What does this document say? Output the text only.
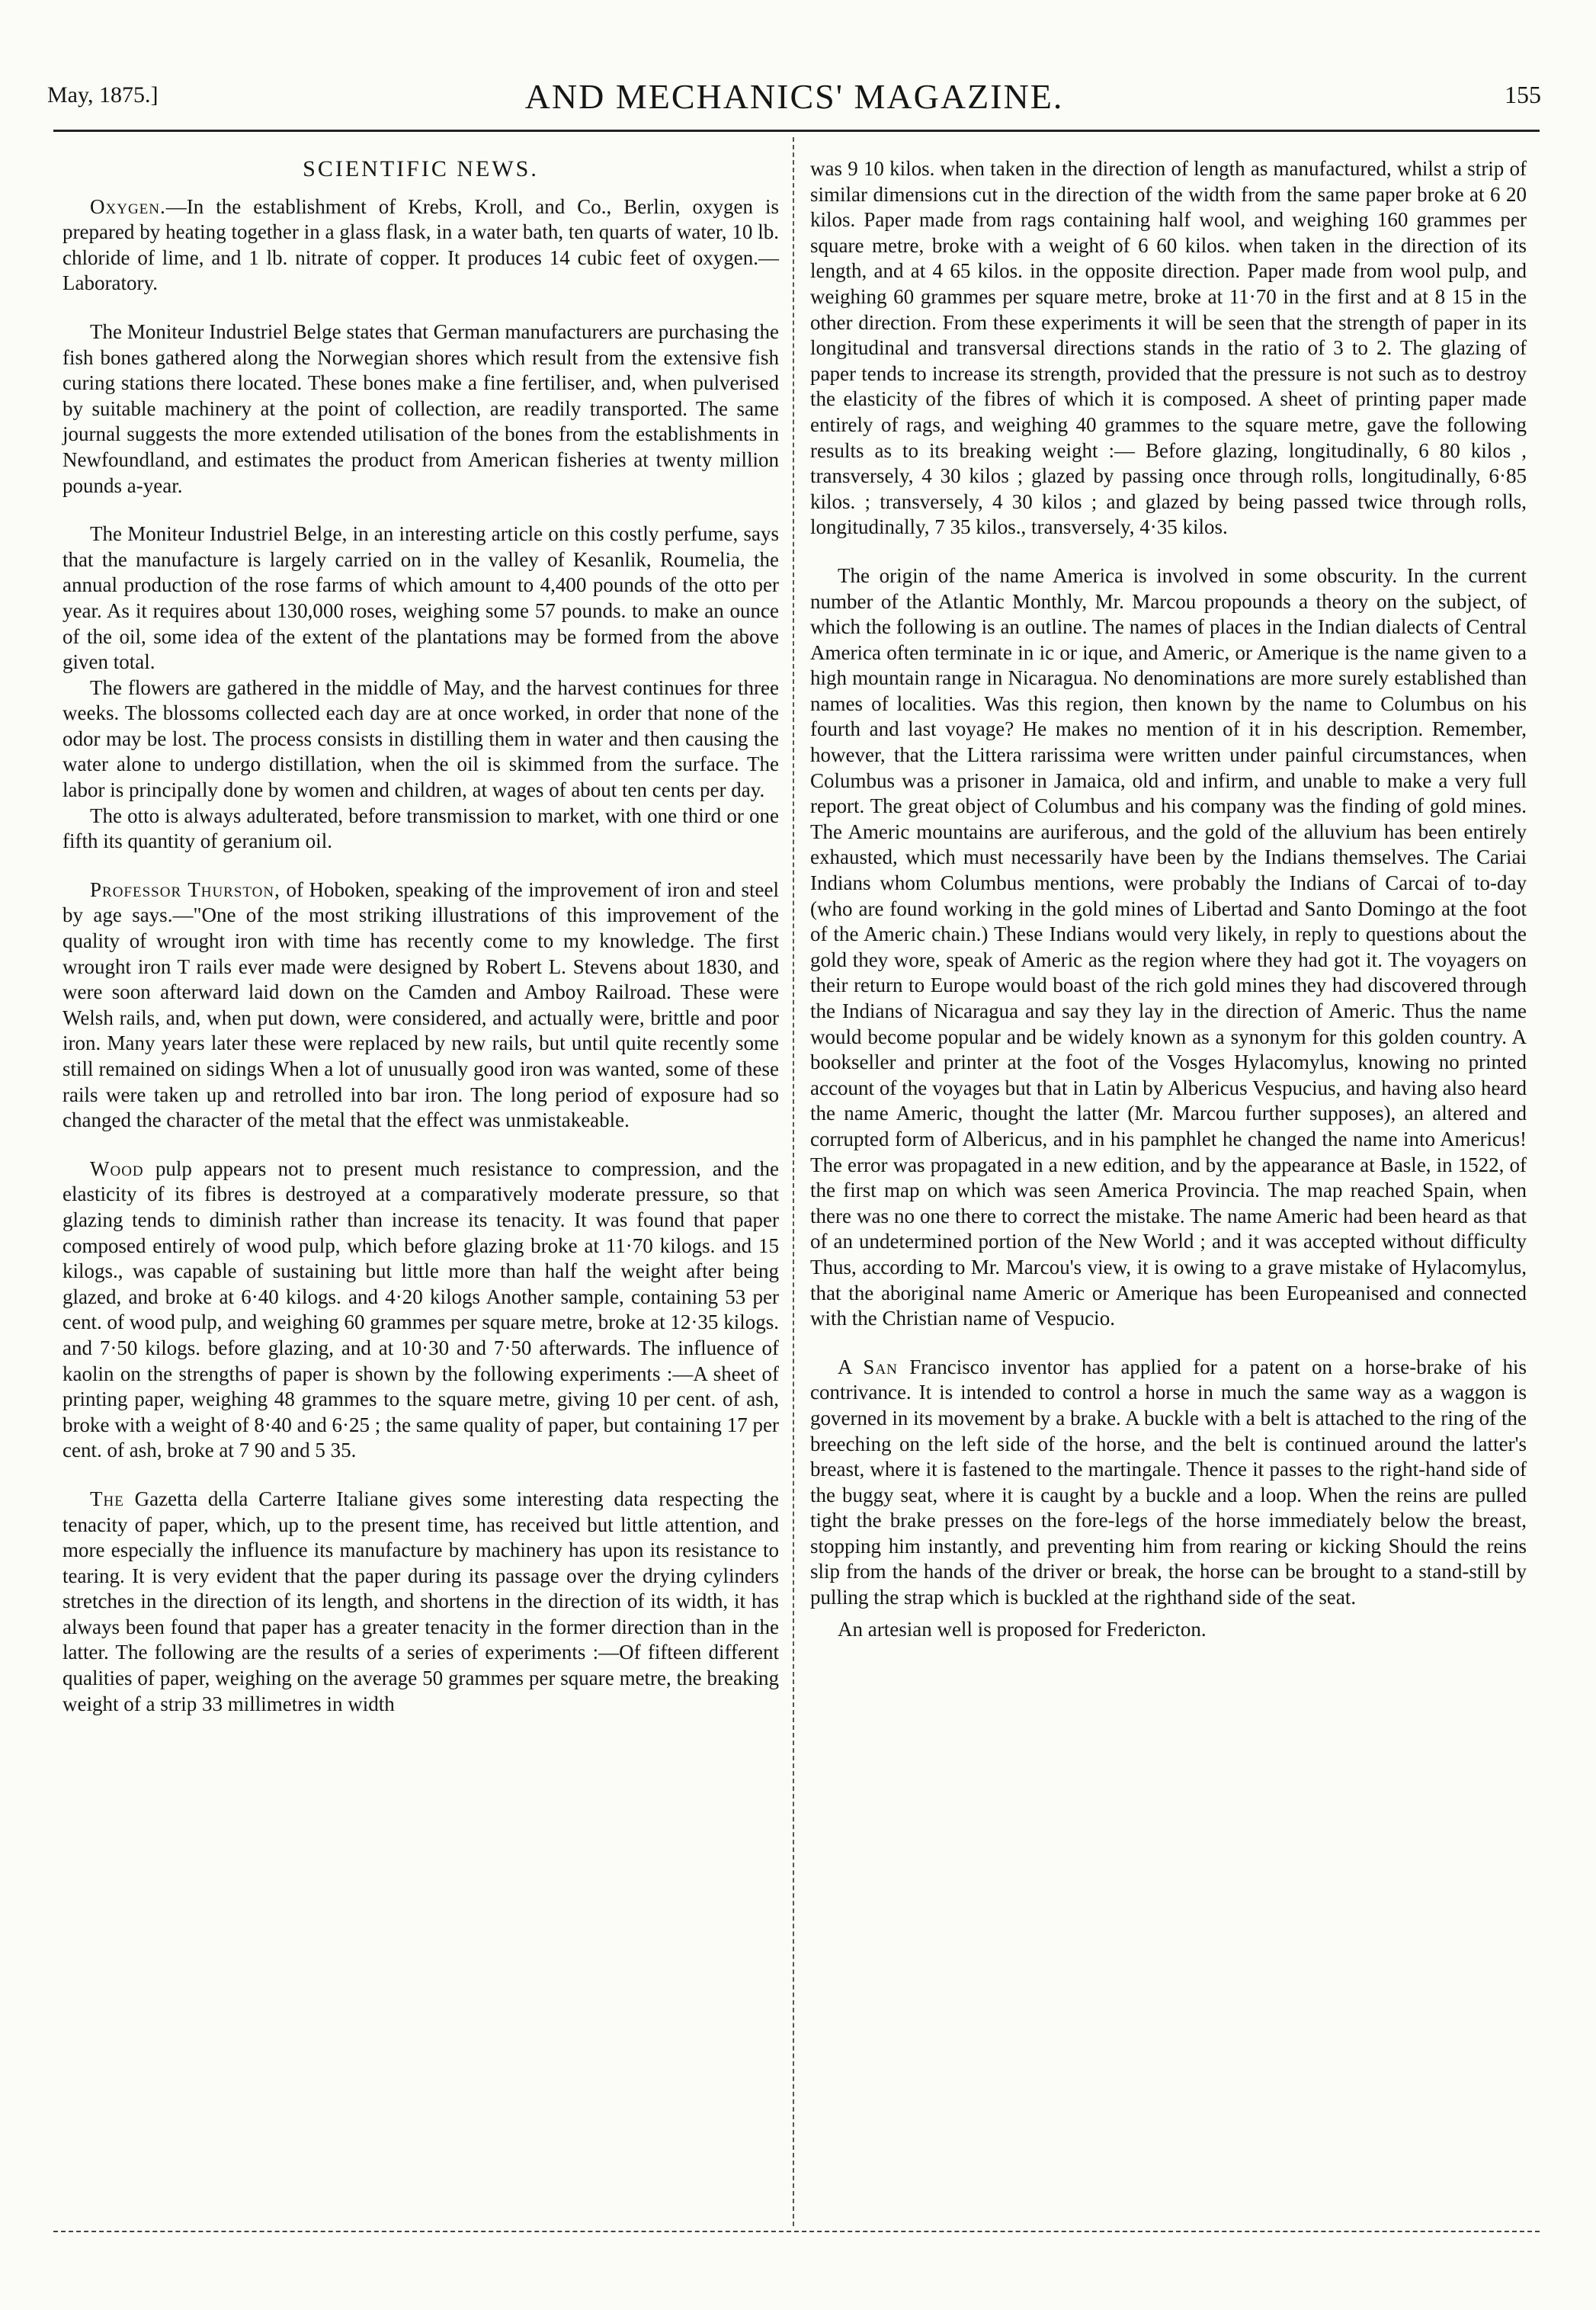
May, 1875.]	AND MECHANICS' MAGAZINE.	155
SCIENTIFIC NEWS.

Oxygen.—In the establishment of Krebs, Kroll, and Co., Berlin, oxygen is prepared by heating together in a glass flask, in a water bath, ten quarts of water, 10 lb. chloride of lime, and 1 lb. nitrate of copper. It produces 14 cubic feet of oxygen.—Laboratory.

The Moniteur Industriel Belge states that German manufacturers are purchasing the fish bones gathered along the Norwegian shores which result from the extensive fish curing stations there located. These bones make a fine fertiliser, and, when pulverised by suitable machinery at the point of collection, are readily transported. The same journal suggests the more extended utilisation of the bones from the establishments in Newfoundland, and estimates the product from American fisheries at twenty million pounds a-year.

The Moniteur Industriel Belge, in an interesting article on this costly perfume, says that the manufacture is largely carried on in the valley of Kesanlik, Roumelia, the annual production of the rose farms of which amount to 4,400 pounds of the otto per year. As it requires about 130,000 roses, weighing some 57 pounds. to make an ounce of the oil, some idea of the extent of the plantations may be formed from the above given total.

The flowers are gathered in the middle of May, and the harvest continues for three weeks. The blossoms collected each day are at once worked, in order that none of the odor may be lost. The process consists in distilling them in water and then causing the water alone to undergo distillation, when the oil is skimmed from the surface. The labor is principally done by women and children, at wages of about ten cents per day.

The otto is always adulterated, before transmission to market, with one third or one fifth its quantity of geranium oil.

Professor Thurston, of Hoboken, speaking of the improvement of iron and steel by age says.—"One of the most striking illustrations of this improvement of the quality of wrought iron with time has recently come to my knowledge. The first wrought iron T rails ever made were designed by Robert L. Stevens about 1830, and were soon afterward laid down on the Camden and Amboy Railroad. These were Welsh rails, and, when put down, were considered, and actually were, brittle and poor iron. Many years later these were replaced by new rails, but until quite recently some still remained on sidings When a lot of unusually good iron was wanted, some of these rails were taken up and retrolled into bar iron. The long period of exposure had so changed the character of the metal that the effect was unmistakeable.

Wood pulp appears not to present much resistance to compression, and the elasticity of its fibres is destroyed at a comparatively moderate pressure, so that glazing tends to diminish rather than increase its tenacity. It was found that paper composed entirely of wood pulp, which before glazing broke at 11·70 kilogs. and 15 kilogs., was capable of sustaining but little more than half the weight after being glazed, and broke at 6·40 kilogs. and 4·20 kilogs Another sample, containing 53 per cent. of wood pulp, and weighing 60 grammes per square metre, broke at 12·35 kilogs. and 7·50 kilogs. before glazing, and at 10·30 and 7·50 afterwards. The influence of kaolin on the strengths of paper is shown by the following experiments :—A sheet of printing paper, weighing 48 grammes to the square metre, giving 10 per cent. of ash, broke with a weight of 8·40 and 6·25 ; the same quality of paper, but containing 17 per cent. of ash, broke at 7 90 and 5 35.

The Gazetta della Carterre Italiane gives some interesting data respecting the tenacity of paper, which, up to the present time, has received but little attention, and more especially the influence its manufacture by machinery has upon its resistance to tearing. It is very evident that the paper during its passage over the drying cylinders stretches in the direction of its length, and shortens in the direction of its width, it has always been found that paper has a greater tenacity in the former direction than in the latter. The following are the results of a series of experiments :—Of fifteen different qualities of paper, weighing on the average 50 grammes per square metre, the breaking weight of a strip 33 millimetres in width

was 9 10 kilos. when taken in the direction of length as manufactured, whilst a strip of similar dimensions cut in the direction of the width from the same paper broke at 6 20 kilos. Paper made from rags containing half wool, and weighing 160 grammes per square metre, broke with a weight of 6 60 kilos. when taken in the direction of its length, and at 4 65 kilos. in the opposite direction. Paper made from wool pulp, and weighing 60 grammes per square metre, broke at 11·70 in the first and at 8 15 in the other direction. From these experiments it will be seen that the strength of paper in its longitudinal and transversal directions stands in the ratio of 3 to 2. The glazing of paper tends to increase its strength, provided that the pressure is not such as to destroy the elasticity of the fibres of which it is composed. A sheet of printing paper made entirely of rags, and weighing 40 grammes to the square metre, gave the following results as to its breaking weight :— Before glazing, longitudinally, 6 80 kilos , transversely, 4 30 kilos ; glazed by passing once through rolls, longitudinally, 6·85 kilos. ; transversely, 4 30 kilos ; and glazed by being passed twice through rolls, longitudinally, 7 35 kilos., transversely, 4·35 kilos.

The origin of the name America is involved in some obscurity. In the current number of the Atlantic Monthly, Mr. Marcou propounds a theory on the subject, of which the following is an outline. The names of places in the Indian dialects of Central America often terminate in ic or ique, and Americ, or Amerique is the name given to a high mountain range in Nicaragua. No denominations are more surely established than names of localities. Was this region, then known by the name to Columbus on his fourth and last voyage? He makes no mention of it in his description. Remember, however, that the Littera rarissima were written under painful circumstances, when Columbus was a prisoner in Jamaica, old and infirm, and unable to make a very full report. The great object of Columbus and his company was the finding of gold mines. The Americ mountains are auriferous, and the gold of the alluvium has been entirely exhausted, which must necessarily have been by the Indians themselves. The Cariai Indians whom Columbus mentions, were probably the Indians of Carcai of to-day (who are found working in the gold mines of Libertad and Santo Domingo at the foot of the Americ chain.) These Indians would very likely, in reply to questions about the gold they wore, speak of Americ as the region where they had got it. The voyagers on their return to Europe would boast of the rich gold mines they had discovered through the Indians of Nicaragua and say they lay in the direction of Americ. Thus the name would become popular and be widely known as a synonym for this golden country. A bookseller and printer at the foot of the Vosges Hylacomylus, knowing no printed account of the voyages but that in Latin by Albericus Vespucius, and having also heard the name Americ, thought the latter (Mr. Marcou further supposes), an altered and corrupted form of Albericus, and in his pamphlet he changed the name into Americus! The error was propagated in a new edition, and by the appearance at Basle, in 1522, of the first map on which was seen America Provincia. The map reached Spain, when there was no one there to correct the mistake. The name Americ had been heard as that of an undetermined portion of the New World ; and it was accepted without difficulty Thus, according to Mr. Marcou's view, it is owing to a grave mistake of Hylacomylus, that the aboriginal name Americ or Amerique has been Europeanised and connected with the Christian name of Vespucio.

A San Francisco inventor has applied for a patent on a horse-brake of his contrivance. It is intended to control a horse in much the same way as a waggon is governed in its movement by a brake. A buckle with a belt is attached to the ring of the breeching on the left side of the horse, and the belt is continued around the latter's breast, where it is fastened to the martingale. Thence it passes to the right-hand side of the buggy seat, where it is caught by a buckle and a loop. When the reins are pulled tight the brake presses on the fore-legs of the horse immediately below the breast, stopping him instantly, and preventing him from rearing or kicking Should the reins slip from the hands of the driver or break, the horse can be brought to a stand-still by pulling the strap which is buckled at the righthand side of the seat.

An artesian well is proposed for Fredericton.
